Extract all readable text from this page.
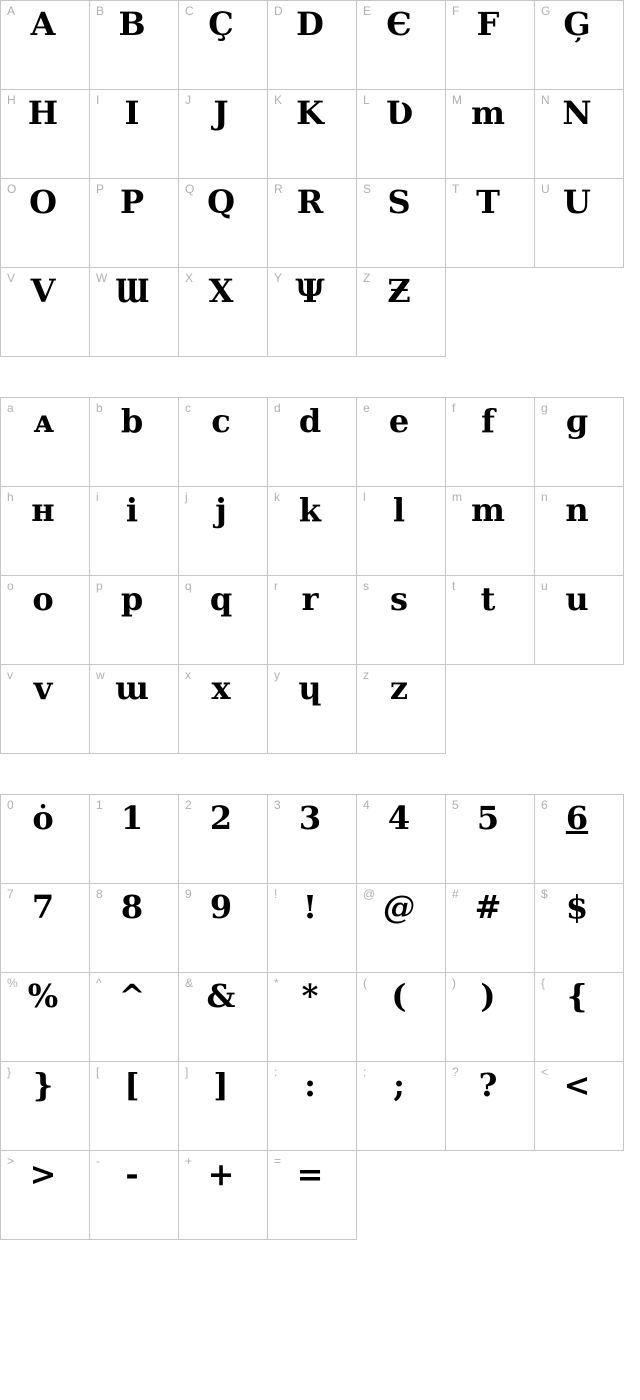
A A	B B	C Ç	D D	E Є	F F	G Ģ
H H	I I	J J	K K	L Ʋ	M m	N N
O O	P P	Q Q	R R	S S	T T	U U
V V	W Ɯ	X X	Y Ψ	Z Ƶ
a ᴀ	b b	c c	d d	e e	f f	g ɡ
h н	i i	j j	k k	l l	m m	n n
o o	p p	q q	r r	s s	t t	u u
v v	w ɯ	x x	y ɥ	z z
0 ȯ	1 1	2 2	3 3	4 4	5 5	6 6
7 7	8 8	9 9	! !	@ @	# #	$ $
% %	^ ^	& &	* *	( (	) )	{ {
} }	[ [	] ]	: :	; ;	? ?	< <
> >	- -	+ +	= =
